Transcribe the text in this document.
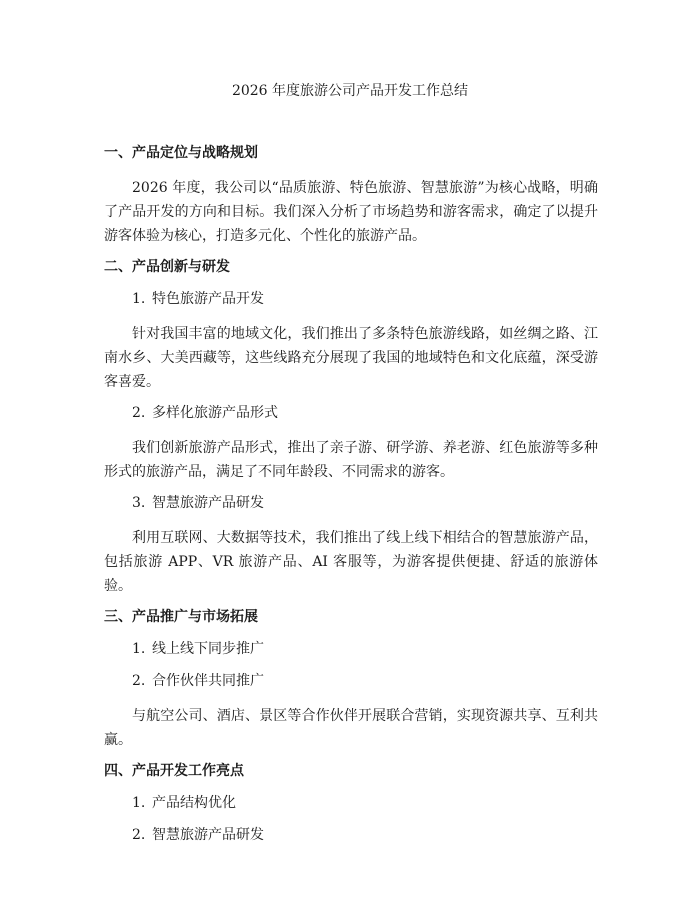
2026 年度旅游公司产品开发工作总结
一、产品定位与战略规划
2026 年度，我公司以“品质旅游、特色旅游、智慧旅游”为核心战略，明确了产品开发的方向和目标。我们深入分析了市场趋势和游客需求，确定了以提升游客体验为核心，打造多元化、个性化的旅游产品。
二、产品创新与研发
1. 特色旅游产品开发
针对我国丰富的地域文化，我们推出了多条特色旅游线路，如丝绸之路、江南水乡、大美西藏等，这些线路充分展现了我国的地域特色和文化底蕴，深受游客喜爱。
2. 多样化旅游产品形式
我们创新旅游产品形式，推出了亲子游、研学游、养老游、红色旅游等多种形式的旅游产品，满足了不同年龄段、不同需求的游客。
3. 智慧旅游产品研发
利用互联网、大数据等技术，我们推出了线上线下相结合的智慧旅游产品，包括旅游 APP、VR 旅游产品、AI 客服等，为游客提供便捷、舒适的旅游体验。
三、产品推广与市场拓展
1. 线上线下同步推广
2. 合作伙伴共同推广
与航空公司、酒店、景区等合作伙伴开展联合营销，实现资源共享、互利共赢。
四、产品开发工作亮点
1. 产品结构优化
2. 智慧旅游产品研发
